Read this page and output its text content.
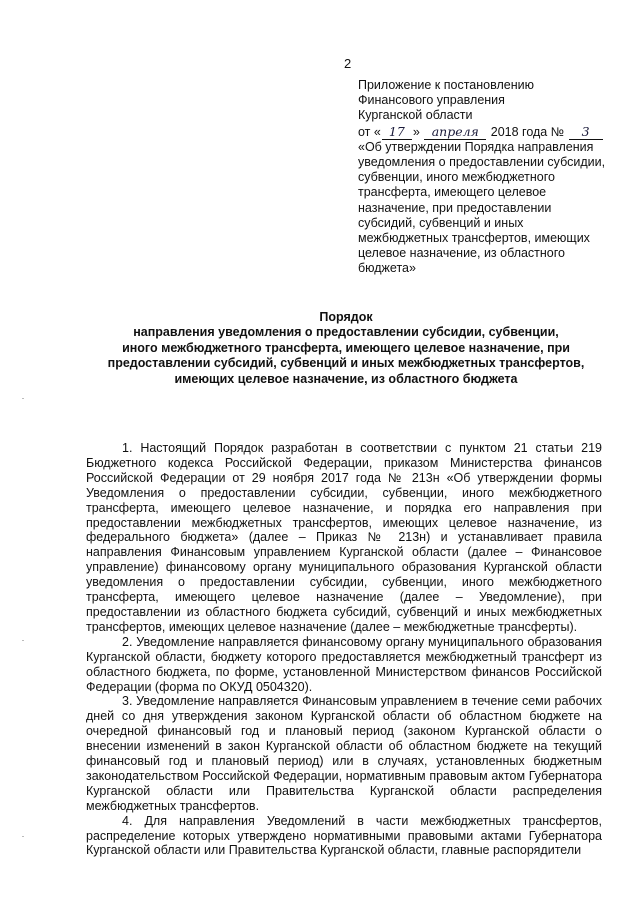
2
Приложение к постановлению
Финансового управления
Курганской области
от « 17 » апреля 2018 года № 3
«Об утверждении Порядка направления
уведомления о предоставлении субсидии,
субвенции, иного межбюджетного
трансферта, имеющего целевое
назначение, при предоставлении
субсидий, субвенций и иных
межбюджетных трансфертов, имеющих
целевое назначение, из областного
бюджета»
Порядок
направления уведомления о предоставлении субсидии, субвенции,
иного межбюджетного трансферта, имеющего целевое назначение, при
предоставлении субсидий, субвенций и иных межбюджетных трансфертов,
имеющих целевое назначение, из областного бюджета

1. Настоящий Порядок разработан в соответствии с пунктом 21 статьи 219 Бюджетного кодекса Российской Федерации, приказом Министерства финансов Российской Федерации от 29 ноября 2017 года № 213н «Об утверждении формы Уведомления о предоставлении субсидии, субвенции, иного межбюджетного трансферта, имеющего целевое назначение, и порядка его направления при предоставлении межбюджетных трансфертов, имеющих целевое назначение, из федерального бюджета» (далее – Приказ № 213н) и устанавливает правила направления Финансовым управлением Курганской области (далее – Финансовое управление) финансовому органу муниципального образования Курганской области уведомления о предоставлении субсидии, субвенции, иного межбюджетного трансферта, имеющего целевое назначение (далее – Уведомление), при предоставлении из областного бюджета субсидий, субвенций и иных межбюджетных трансфертов, имеющих целевое назначение (далее – межбюджетные трансферты).

2. Уведомление направляется финансовому органу муниципального образования Курганской области, бюджету которого предоставляется межбюджетный трансферт из областного бюджета, по форме, установленной Министерством финансов Российской Федерации (форма по ОКУД 0504320).

3. Уведомление направляется Финансовым управлением в течение семи рабочих дней со дня утверждения законом Курганской области об областном бюджете на очередной финансовый год и плановый период (законом Курганской области о внесении изменений в закон Курганской области об областном бюджете на текущий финансовый год и плановый период) или в случаях, установленных бюджетным законодательством Российской Федерации, нормативным правовым актом Губернатора Курганской области или Правительства Курганской области распределения межбюджетных трансфертов.

4. Для направления Уведомлений в части межбюджетных трансфертов, распределение которых утверждено нормативными правовыми актами Губернатора Курганской области или Правительства Курганской области, главные распорядители
